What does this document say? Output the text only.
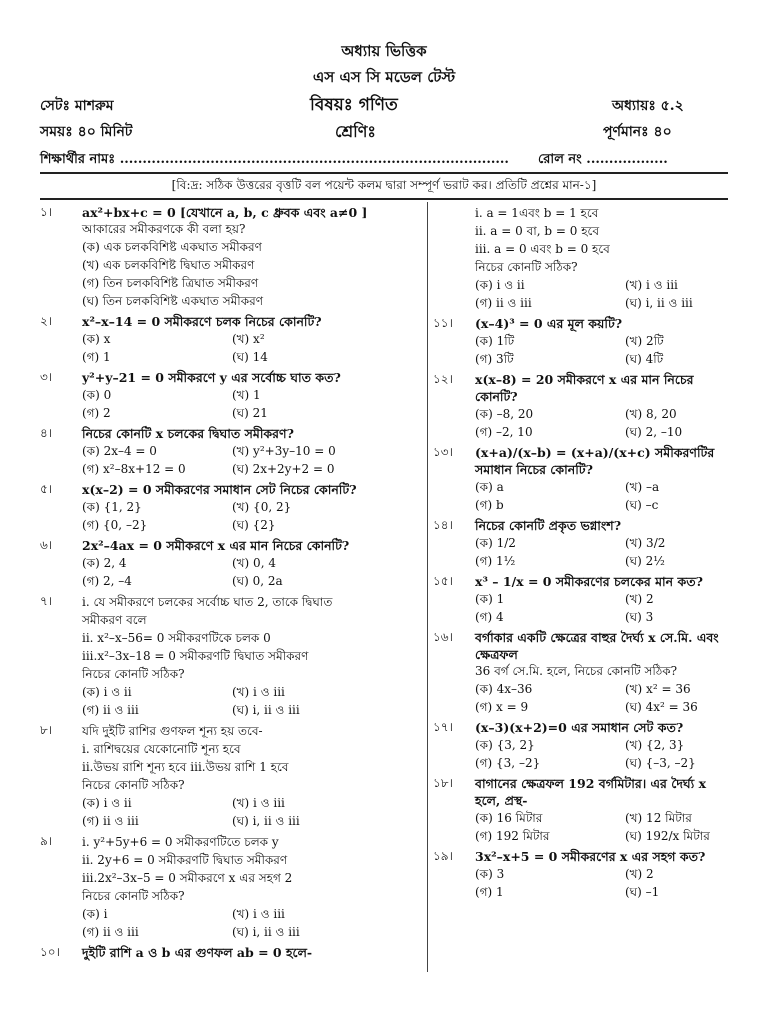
অধ্যায় ভিত্তিক
এস এস সি মডেল টেস্ট
সেটঃ মাশরুম	বিষয়ঃ গণিত	অধ্যায়ঃ ৫.২
সময়ঃ ৪০ মিনিট	শ্রেণিঃ	পূর্ণমানঃ ৪০
শিক্ষার্থীর নামঃ ...................................................................................... রোল নং ..................
[বি:দ্র: সঠিক উত্তরের বৃত্তটি বল পয়েন্ট কলম দ্বারা সম্পূর্ণ ভরাট কর। প্রতিটি প্রশ্নের মান-১]
১। ax²+bx+c = 0 [যেখানে a, b, c ধ্রুবক এবং a≠0 ]
আকারের সমীকরণকে কী বলা হয়?
(ক) এক চলকবিশিষ্ট একঘাত সমীকরণ
(খ) এক চলকবিশিষ্ট দ্বিঘাত সমীকরণ
(গ) তিন চলকবিশিষ্ট ত্রিঘাত সমীকরণ
(ঘ) তিন চলকবিশিষ্ট একঘাত সমীকরণ
২। x²–x–14 = 0 সমীকরণে চলক নিচের কোনটি?
(ক) x	(খ) x²
(গ) 1	(ঘ) 14
৩। y²+y–21 = 0 সমীকরণে y এর সর্বোচ্চ ঘাত কত?
(ক) 0	(খ) 1
(গ) 2	(ঘ) 21
৪। নিচের কোনটি x চলকের দ্বিঘাত সমীকরণ?
(ক) 2x–4 = 0	(খ) y²+3y–10 = 0
(গ) x²–8x+12 = 0	(ঘ) 2x+2y+2 = 0
৫। x(x–2) = 0 সমীকরণের সমাধান সেট নিচের কোনটি?
(ক) {1, 2}	(খ) {0, 2}
(গ) {0, –2}	(ঘ) {2}
৬। 2x²–4ax = 0 সমীকরণে x এর মান নিচের কোনটি?
(ক) 2, 4	(খ) 0, 4
(গ) 2, –4	(ঘ) 0, 2a
৭। i. যে সমীকরণে চলকের সর্বোচ্চ ঘাত 2, তাকে দ্বিঘাত
সমীকরণ বলে
ii. x²–x–56= 0 সমীকরণটিকে চলক 0
iii.x²–3x–18 = 0 সমীকরণটি দ্বিঘাত সমীকরণ
নিচের কোনটি সঠিক?
(ক) i ও ii	(খ) i ও iii
(গ) ii ও iii	(ঘ) i, ii ও iii
৮। যদি দুইটি রাশির গুণফল শূন্য হয় তবে-
i. রাশিদ্বয়ের যেকোনোটি শূন্য হবে
ii.উভয় রাশি শূন্য হবে iii.উভয় রাশি 1 হবে
নিচের কোনটি সঠিক?
(ক) i ও ii	(খ) i ও iii
(গ) ii ও iii	(ঘ) i, ii ও iii
৯। i. y²+5y+6 = 0 সমীকরণটিতে চলক y
ii. 2y+6 = 0 সমীকরণটি দ্বিঘাত সমীকরণ
iii.2x²–3x–5 = 0 সমীকরণে x এর সহগ 2
নিচের কোনটি সঠিক?
(ক) i	(খ) i ও iii
(গ) ii ও iii	(ঘ) i, ii ও iii
১০। দুইটি রাশি a ও b এর গুণফল ab = 0 হলে-
i. a = 1এবং b = 1 হবে
ii. a = 0 বা, b = 0 হবে
iii. a = 0 এবং b = 0 হবে
নিচের কোনটি সঠিক?
(ক) i ও ii	(খ) i ও iii
(গ) ii ও iii	(ঘ) i, ii ও iii
১১। (x–4)³ = 0 এর মূল কয়টি?
(ক) 1টি	(খ) 2টি
(গ) 3টি	(ঘ) 4টি
১২। x(x–8) = 20 সমীকরণে x এর মান নিচের কোনটি?
(ক) –8, 20	(খ) 8, 20
(গ) –2, 10	(ঘ) 2, –10
১৩। (x+a)/(x–b) = (x+a)/(x+c) সমীকরণটির সমাধান নিচের কোনটি?
(ক) a	(খ) –a
(গ) b	(ঘ) –c
১৪। নিচের কোনটি প্রকৃত ভগ্নাংশ?
(ক) 1/2	(খ) 3/2
(গ) 1½	(ঘ) 2½
১৫। x³ – 1/x = 0 সমীকরণের চলকের মান কত?
(ক) 1	(খ) 2
(গ) 4	(ঘ) 3
১৬। বর্গাকার একটি ক্ষেত্রের বাহুর দৈর্ঘ্য x সে.মি. এবং ক্ষেত্রফল
36 বর্গ সে.মি. হলে, নিচের কোনটি সঠিক?
(ক) 4x–36	(খ) x² = 36
(গ) x = 9	(ঘ) 4x² = 36
১৭। (x–3)(x+2)=0 এর সমাধান সেট কত?
(ক) {3, 2}	(খ) {2, 3}
(গ) {3, –2}	(ঘ) {–3, –2}
১৮। বাগানের ক্ষেত্রফল 192 বর্গমিটার। এর দৈর্ঘ্য x হলে, প্রস্থ-
(ক) 16 মিটার	(খ) 12 মিটার
(গ) 192 মিটার	(ঘ) 192/x মিটার
১৯। 3x²–x+5 = 0 সমীকরণের x এর সহগ কত?
(ক) 3	(খ) 2
(গ) 1	(ঘ) –1
